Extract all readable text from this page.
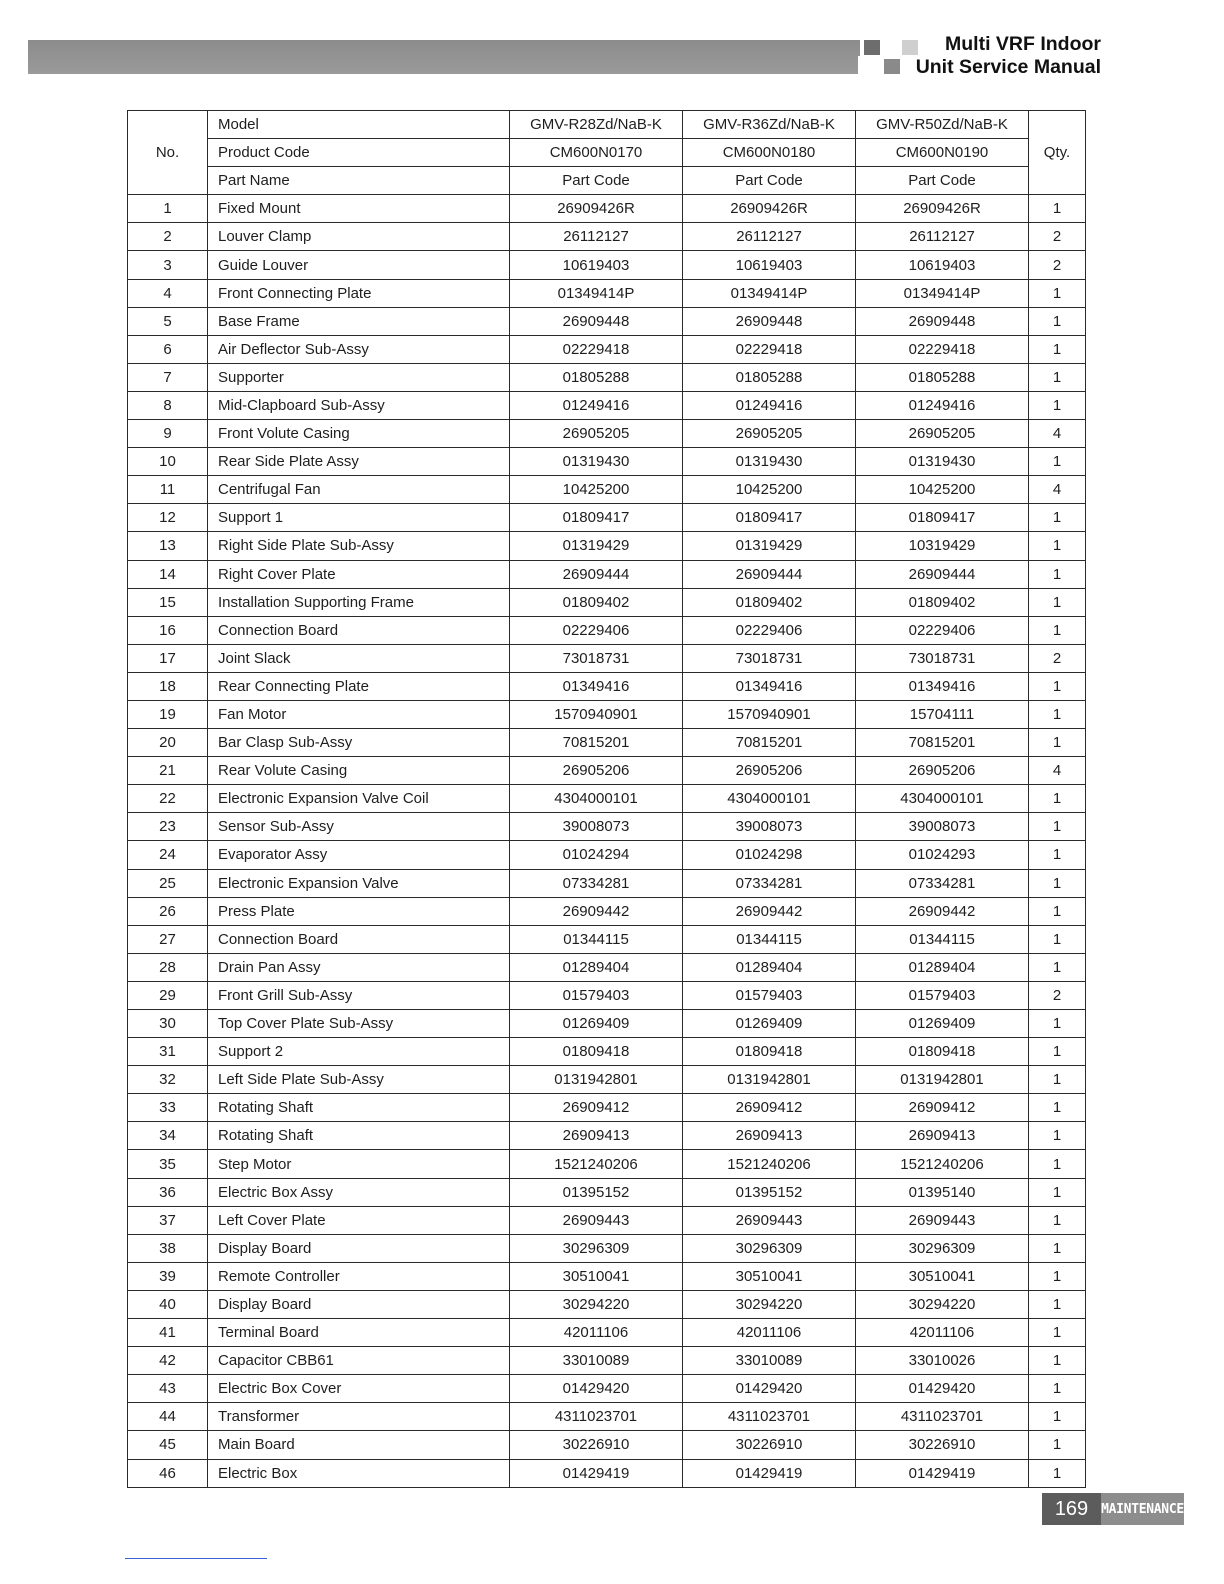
Multi VRF Indoor
Unit Service Manual
No.	Model	GMV-R28Zd/NaB-K	GMV-R36Zd/NaB-K	GMV-R50Zd/NaB-K	Qty.
	Product Code	CM600N0170	CM600N0180	CM600N0190	
	Part Name	Part Code	Part Code	Part Code	
1	Fixed Mount	26909426R	26909426R	26909426R	1
2	Louver Clamp	26112127	26112127	26112127	2
3	Guide Louver	10619403	10619403	10619403	2
4	Front Connecting Plate	01349414P	01349414P	01349414P	1
5	Base Frame	26909448	26909448	26909448	1
6	Air Deflector Sub-Assy	02229418	02229418	02229418	1
7	Supporter	01805288	01805288	01805288	1
8	Mid-Clapboard Sub-Assy	01249416	01249416	01249416	1
9	Front Volute Casing	26905205	26905205	26905205	4
10	Rear Side Plate Assy	01319430	01319430	01319430	1
11	Centrifugal Fan	10425200	10425200	10425200	4
12	Support 1	01809417	01809417	01809417	1
13	Right Side Plate Sub-Assy	01319429	01319429	10319429	1
14	Right Cover Plate	26909444	26909444	26909444	1
15	Installation Supporting Frame	01809402	01809402	01809402	1
16	Connection Board	02229406	02229406	02229406	1
17	Joint Slack	73018731	73018731	73018731	2
18	Rear Connecting Plate	01349416	01349416	01349416	1
19	Fan Motor	1570940901	1570940901	15704111	1
20	Bar Clasp Sub-Assy	70815201	70815201	70815201	1
21	Rear Volute Casing	26905206	26905206	26905206	4
22	Electronic Expansion Valve Coil	4304000101	4304000101	4304000101	1
23	Sensor Sub-Assy	39008073	39008073	39008073	1
24	Evaporator Assy	01024294	01024298	01024293	1
25	Electronic Expansion Valve	07334281	07334281	07334281	1
26	Press Plate	26909442	26909442	26909442	1
27	Connection Board	01344115	01344115	01344115	1
28	Drain Pan Assy	01289404	01289404	01289404	1
29	Front Grill Sub-Assy	01579403	01579403	01579403	2
30	Top Cover Plate Sub-Assy	01269409	01269409	01269409	1
31	Support 2	01809418	01809418	01809418	1
32	Left Side Plate Sub-Assy	0131942801	0131942801	0131942801	1
33	Rotating Shaft	26909412	26909412	26909412	1
34	Rotating Shaft	26909413	26909413	26909413	1
35	Step Motor	1521240206	1521240206	1521240206	1
36	Electric Box Assy	01395152	01395152	01395140	1
37	Left Cover Plate	26909443	26909443	26909443	1
38	Display Board	30296309	30296309	30296309	1
39	Remote Controller	30510041	30510041	30510041	1
40	Display Board	30294220	30294220	30294220	1
41	Terminal Board	42011106	42011106	42011106	1
42	Capacitor CBB61	33010089	33010089	33010026	1
43	Electric Box Cover	01429420	01429420	01429420	1
44	Transformer	4311023701	4311023701	4311023701	1
45	Main Board	30226910	30226910	30226910	1
46	Electric Box	01429419	01429419	01429419	1
169 MAINTENANCE
